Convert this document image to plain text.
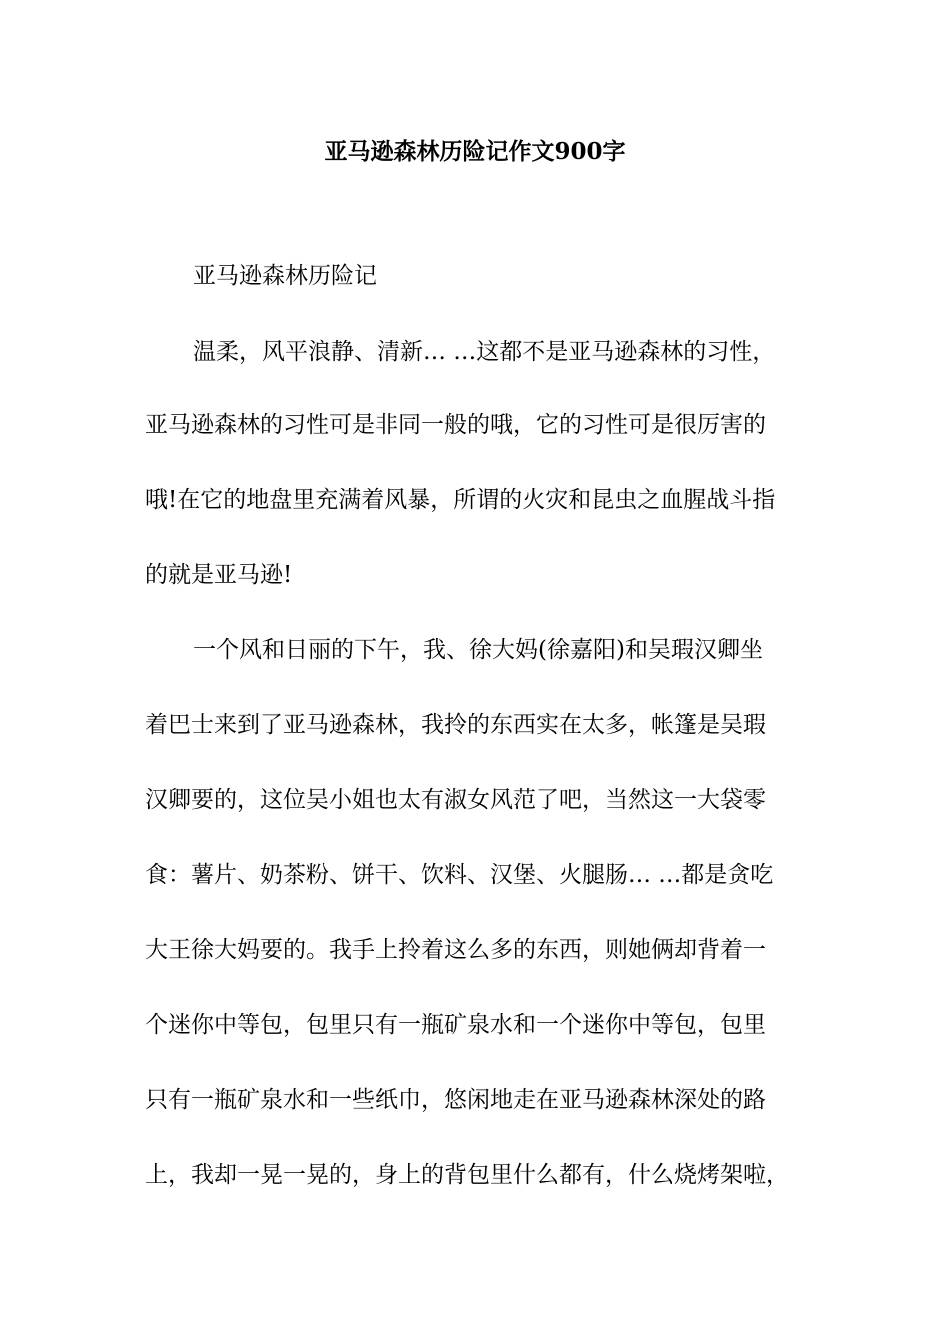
亚马逊森林历险记作文900字

亚马逊森林历险记

温柔，风平浪静、清新… …这都不是亚马逊森林的习性，

亚马逊森林的习性可是非同一般的哦，它的习性可是很厉害的

哦!在它的地盘里充满着风暴，所谓的火灾和昆虫之血腥战斗指

的就是亚马逊!

一个风和日丽的下午，我、徐大妈(徐嘉阳)和吴瑕汉卿坐

着巴士来到了亚马逊森林，我拎的东西实在太多，帐篷是吴瑕

汉卿要的，这位吴小姐也太有淑女风范了吧，当然这一大袋零

食：薯片、奶茶粉、饼干、饮料、汉堡、火腿肠… …都是贪吃

大王徐大妈要的。我手上拎着这么多的东西，则她俩却背着一

个迷你中等包，包里只有一瓶矿泉水和一个迷你中等包，包里

只有一瓶矿泉水和一些纸巾，悠闲地走在亚马逊森林深处的路

上，我却一晃一晃的，身上的背包里什么都有，什么烧烤架啦，
